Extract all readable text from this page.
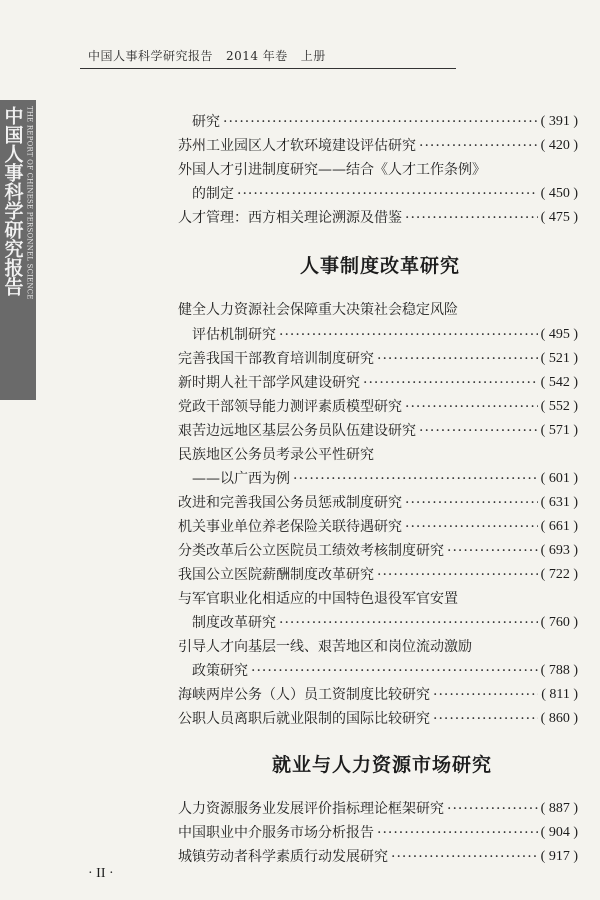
中国人事科学研究报告   2014 年卷   上册
中国人事科学研究报告 THE REPORT OF CHINESE PERSONNEL SCIENCE	研究 ·····	( 391 )
苏州工业园区人才软环境建设评估研究 ·····	( 420 )
外国人才引进制度研究——结合《人才工作条例》
的制定 ·····	( 450 )
人才管理：西方相关理论溯源及借鉴 ·····	( 475 )
人事制度改革研究
健全人力资源社会保障重大决策社会稳定风险
评估机制研究 ·····	( 495 )
完善我国干部教育培训制度研究 ·····	( 521 )
新时期人社干部学风建设研究 ·····	( 542 )
党政干部领导能力测评素质模型研究 ·····	( 552 )
艰苦边远地区基层公务员队伍建设研究 ·····	( 571 )
民族地区公务员考录公平性研究
——以广西为例 ·····	( 601 )
改进和完善我国公务员惩戒制度研究 ·····	( 631 )
机关事业单位养老保险关联待遇研究 ·····	( 661 )
分类改革后公立医院员工绩效考核制度研究 ·····	( 693 )
我国公立医院薪酬制度改革研究 ·····	( 722 )
与军官职业化相适应的中国特色退役军官安置
制度改革研究 ·····	( 760 )
引导人才向基层一线、艰苦地区和岗位流动激励
政策研究 ·····	( 788 )
海峡两岸公务（人）员工资制度比较研究 ·····	( 811 )
公职人员离职后就业限制的国际比较研究 ·····	( 860 )
就业与人力资源市场研究
人力资源服务业发展评价指标理论框架研究 ·····	( 887 )
中国职业中介服务市场分析报告 ·····	( 904 )
城镇劳动者科学素质行动发展研究 ·····	( 917 )
· II ·
